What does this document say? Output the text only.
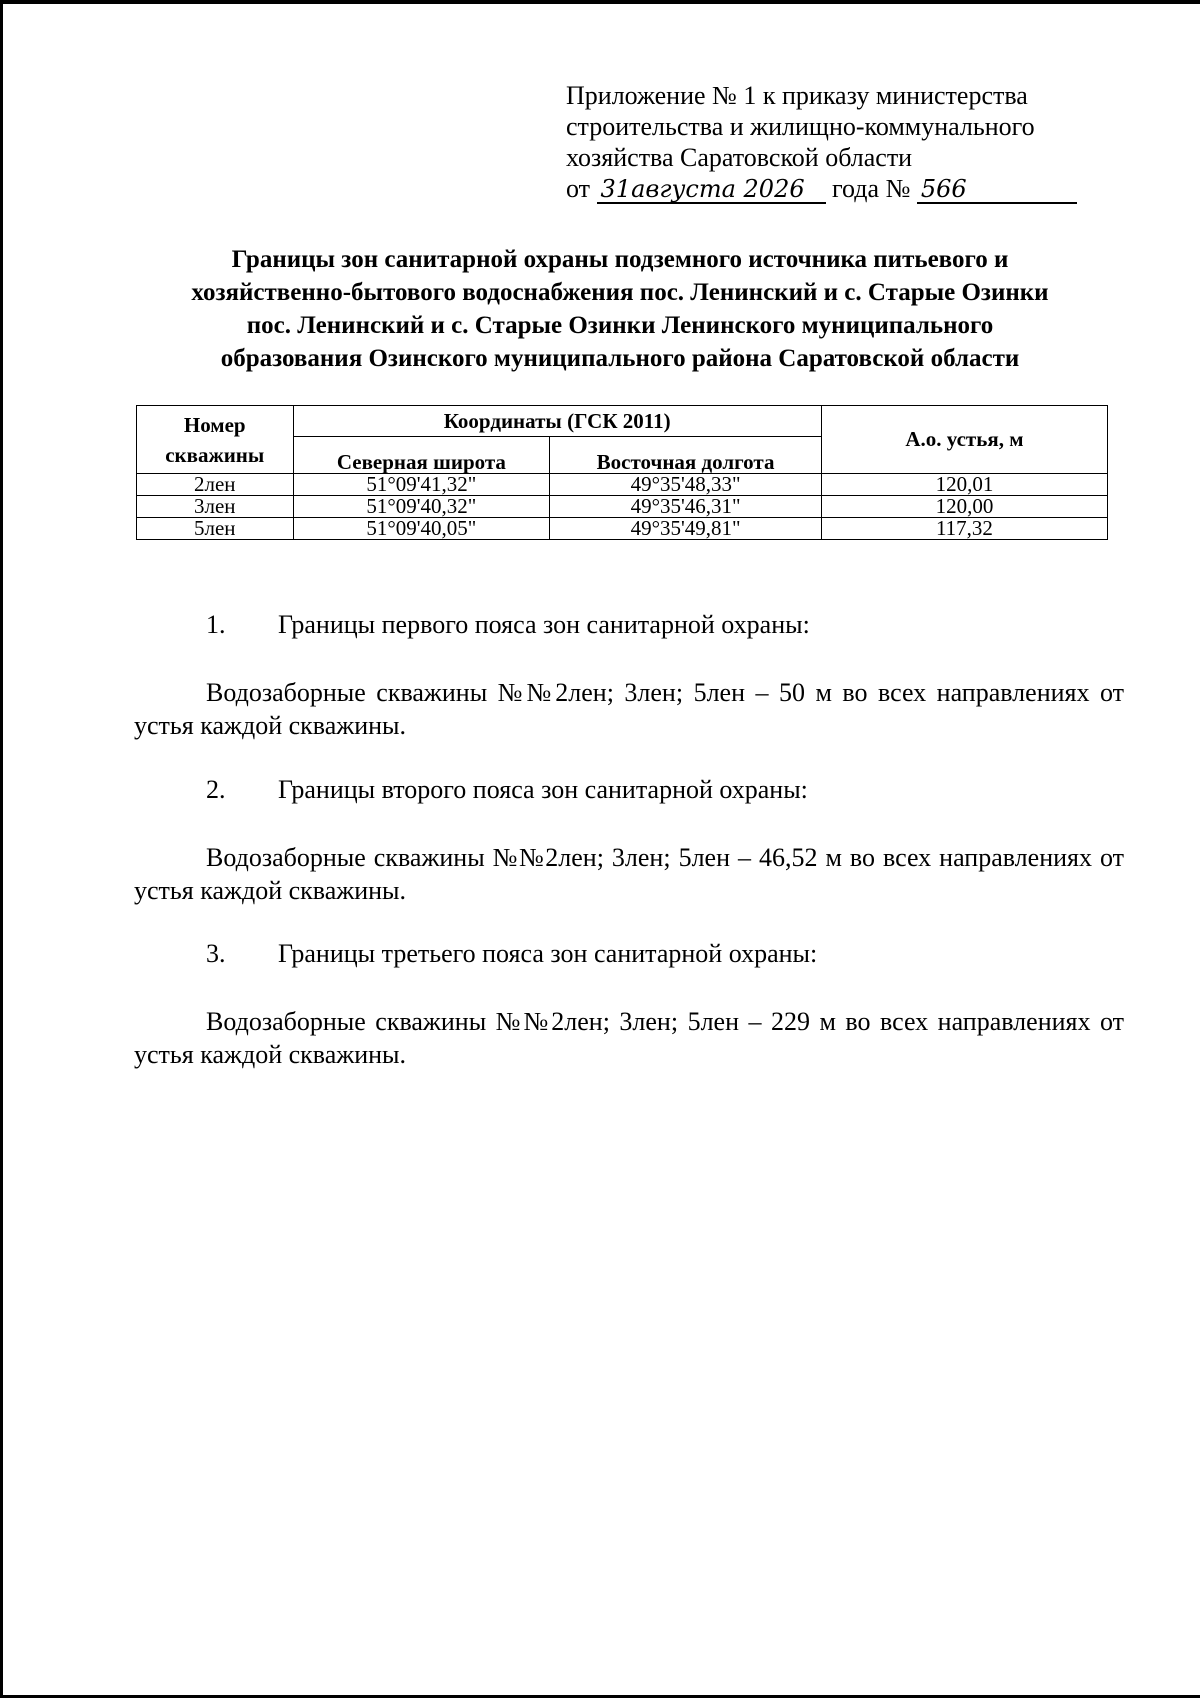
Приложение № 1 к приказу министерства
строительства и жилищно-коммунального
хозяйства Саратовской области
от 31августа 2026 года № 566
Границы зон санитарной охраны подземного источника питьевого и
хозяйственно-бытового водоснабжения пос. Ленинский и с. Старые Озинки
пос. Ленинский и с. Старые Озинки Ленинского муниципального
образования Озинского муниципального района Саратовской области
Номер скважины	Координаты (ГСК 2011)		А.о. устья, м
	Северная широта	Восточная долгота	
2лен	51°09'41,32"	49°35'48,33"	120,01
3лен	51°09'40,32"	49°35'46,31"	120,00
5лен	51°09'40,05"	49°35'49,81"	117,32
1. Границы первого пояса зон санитарной охраны:
Водозаборные скважины №№2лен; 3лен; 5лен – 50 м во всех направлениях от устья каждой скважины.
2. Границы второго пояса зон санитарной охраны:
Водозаборные скважины №№2лен; 3лен; 5лен – 46,52 м во всех направлениях от устья каждой скважины.
3. Границы третьего пояса зон санитарной охраны:
Водозаборные скважины №№2лен; 3лен; 5лен – 229 м во всех направлениях от устья каждой скважины.
